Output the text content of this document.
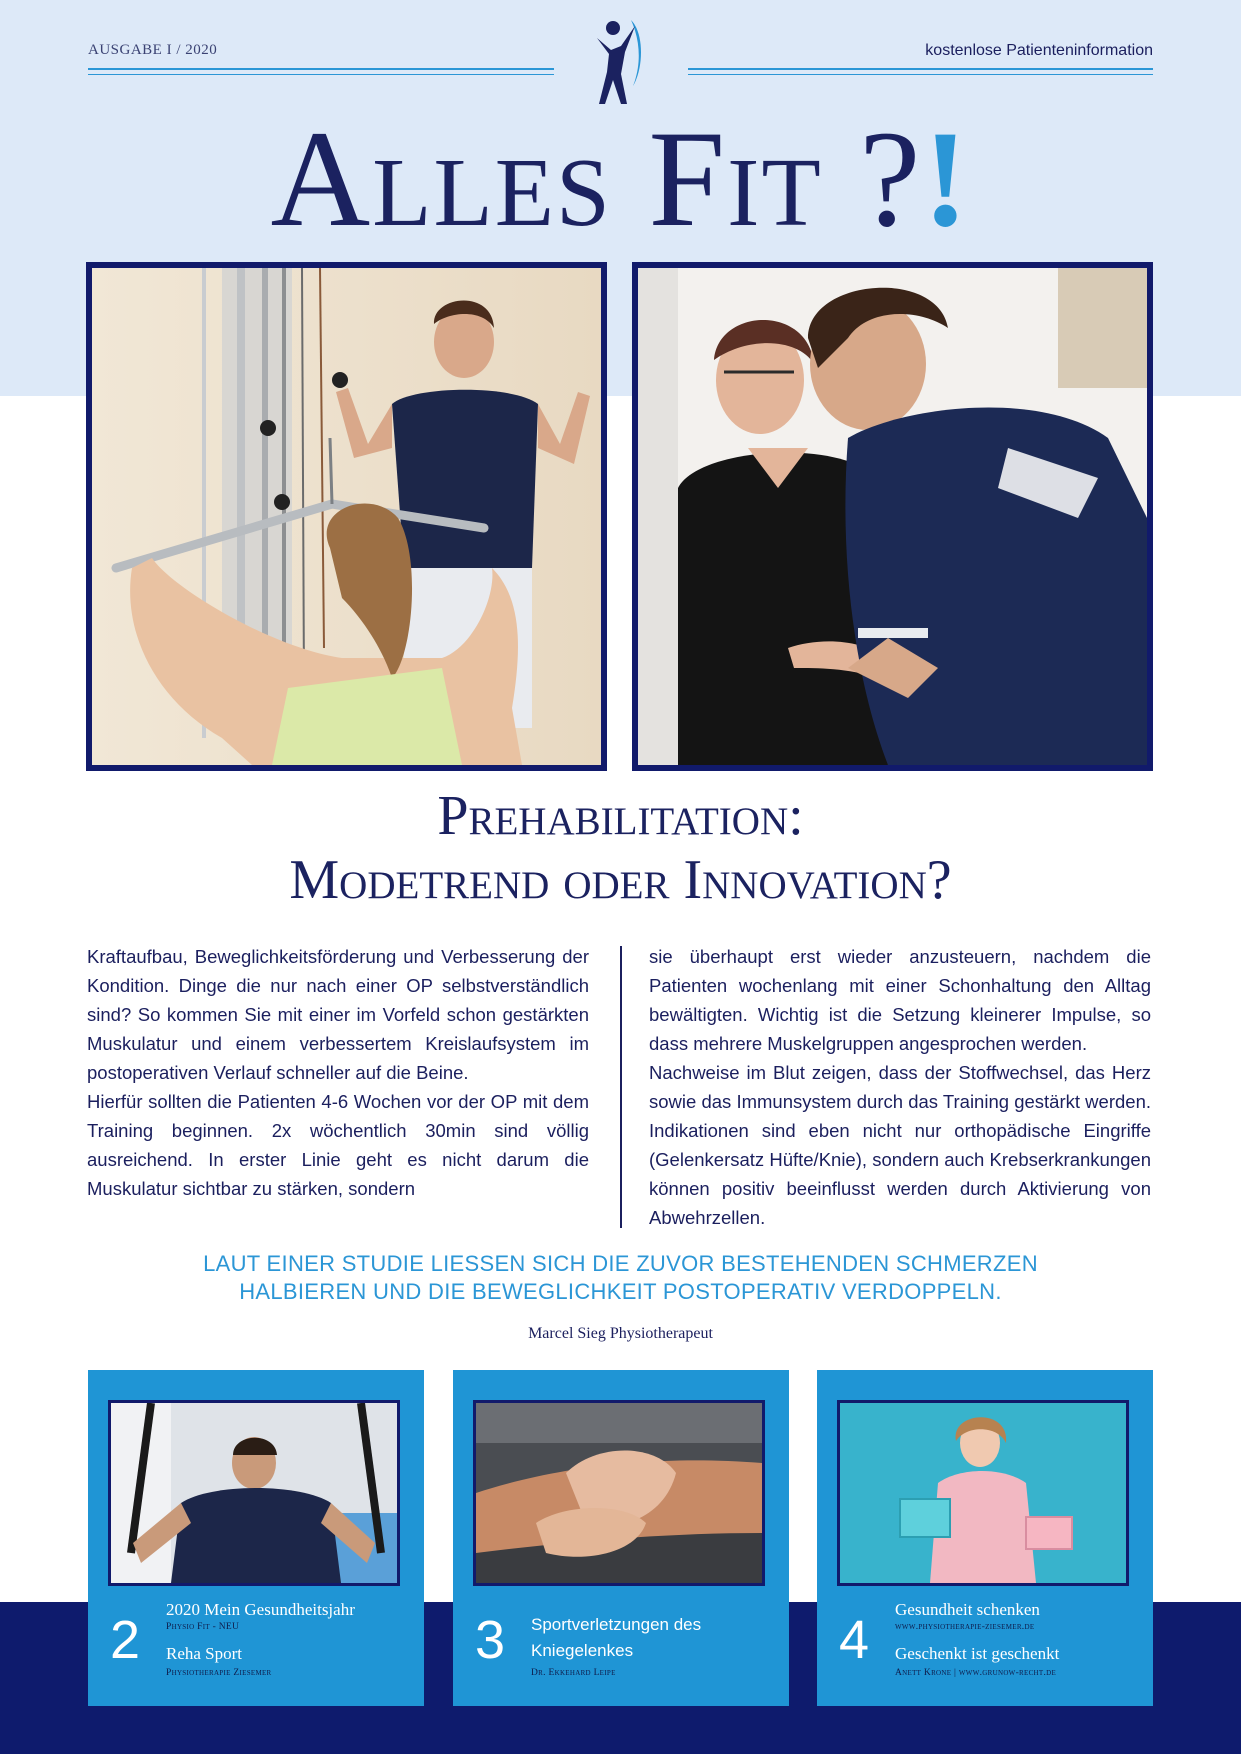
AUSGABE I / 2020	kostenlose Patienteninformation
Alles Fit ?!
Prehabilitation:
Modetrend oder Innovation?

Kraftaufbau, Beweglichkeitsförderung und Verbesserung der Kondition. Dinge die nur nach einer OP selbstverständlich sind? So kommen Sie mit einer im Vorfeld schon gestärkten Muskulatur und einem verbessertem Kreislaufsystem im postoperativen Verlauf schneller auf die Beine.

Hierfür sollten die Patienten 4-6 Wochen vor der OP mit dem Training beginnen. 2x wöchentlich 30min sind völlig ausreichend. In erster Linie geht es nicht darum die Muskulatur sichtbar zu stärken, sondern

sie überhaupt erst wieder anzusteuern, nachdem die Patienten wochenlang mit einer Schonhaltung den Alltag bewältigten. Wichtig ist die Setzung kleinerer Impulse, so dass mehrere Muskelgruppen angesprochen werden.

Nachweise im Blut zeigen, dass der Stoffwechsel, das Herz sowie das Immunsystem durch das Training gestärkt werden. Indikationen sind eben nicht nur orthopädische Eingriffe (Gelenkersatz Hüfte/Knie), sondern auch Krebserkrankungen können positiv beeinflusst werden durch Aktivierung von Abwehrzellen.

LAUT EINER STUDIE LIESSEN SICH DIE ZUVOR BESTEHENDEN SCHMERZEN
HALBIEREN UND DIE BEWEGLICHKEIT POSTOPERATIV VERDOPPELN.
Marcel Sieg Physiotherapeut
2
2020 Mein Gesundheitsjahr
Physio Fit - NEU
Reha Sport
Physiotherapie Ziesemer
3 Sportverletzungen des Kniegelenkes
Dr. Ekkehard Leipe
4
Gesundheit schenken
www.physiotherapie-ziesemer.de
Geschenkt ist geschenkt
Anett Krone | www.grunow-recht.de
